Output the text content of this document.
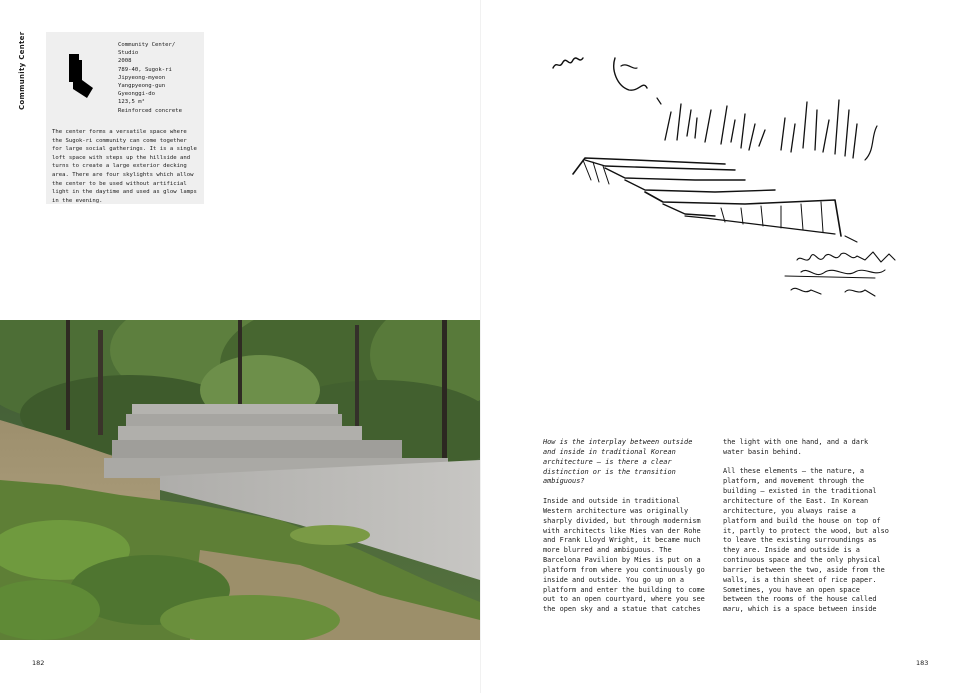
Community Center	Community Center/
Studio
2008
789-40, Sugok-ri
Jipyeong-myeon
Yangpyeong-gun
Gyeonggi-do
123,5 m²
Reinforced concrete
The center forms a versatile space where the Sugok-ri community can come together for large social gatherings. It is a single loft space with steps up the hillside and turns to create a large exterior decking area. There are four skylights which allow the center to be used without artificial light in the daytime and used as glow lamps in the evening.
182
Platform of Nature April 2012

How is the interplay between outside and inside in traditional Korean architecture – is there a clear distinction or is the transition ambiguous?

Inside and outside in traditional Western architecture was originally sharply divided, but through modernism with architects like Mies van der Rohe and Frank Lloyd Wright, it became much more blurred and ambiguous. The Barcelona Pavilion by Mies is put on a platform from where you continuously go inside and outside. You go up on a platform and enter the building to come out to an open courtyard, where you see the open sky and a statue that catches

the light with one hand, and a dark water basin behind.

All these elements – the nature, a platform, and movement through the building – existed in the traditional architecture of the East. In Korean architecture, you always raise a platform and build the house on top of it, partly to protect the wood, but also to leave the existing surroundings as they are. Inside and outside is a continuous space and the only physical barrier between the two, aside from the walls, is a thin sheet of rice paper. Sometimes, you have an open space between the rooms of the house called maru, which is a space between inside

183
